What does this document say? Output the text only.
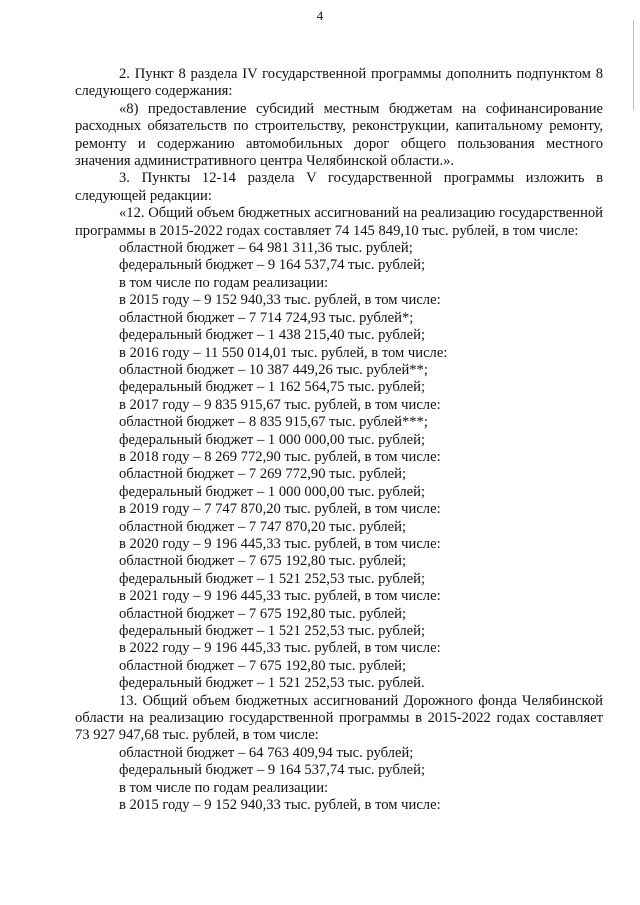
4

2. Пункт 8 раздела IV государственной программы дополнить подпунктом 8 следующего содержания:

«8) предоставление субсидий местным бюджетам на софинансирование расходных обязательств по строительству, реконструкции, капитальному ремонту, ремонту и содержанию автомобильных дорог общего пользования местного значения административного центра Челябинской области.».

3. Пункты 12-14 раздела V государственной программы изложить в следующей редакции:

«12. Общий объем бюджетных ассигнований на реализацию государственной программы в 2015-2022 годах составляет 74 145 849,10 тыс. рублей, в том числе:

областной бюджет – 64 981 311,36 тыс. рублей;

федеральный бюджет – 9 164 537,74 тыс. рублей;

в том числе по годам реализации:

в 2015 году – 9 152 940,33 тыс. рублей, в том числе:

областной бюджет – 7 714 724,93 тыс. рублей*;

федеральный бюджет – 1 438 215,40 тыс. рублей;

в 2016 году – 11 550 014,01 тыс. рублей, в том числе:

областной бюджет – 10 387 449,26 тыс. рублей**;

федеральный бюджет – 1 162 564,75 тыс. рублей;

в 2017 году – 9 835 915,67 тыс. рублей, в том числе:

областной бюджет – 8 835 915,67 тыс. рублей***;

федеральный бюджет – 1 000 000,00 тыс. рублей;

в 2018 году – 8 269 772,90 тыс. рублей, в том числе:

областной бюджет – 7 269 772,90 тыс. рублей;

федеральный бюджет – 1 000 000,00 тыс. рублей;

в 2019 году – 7 747 870,20 тыс. рублей, в том числе:

областной бюджет – 7 747 870,20 тыс. рублей;

в 2020 году – 9 196 445,33 тыс. рублей, в том числе:

областной бюджет – 7 675 192,80 тыс. рублей;

федеральный бюджет – 1 521 252,53 тыс. рублей;

в 2021 году – 9 196 445,33 тыс. рублей, в том числе:

областной бюджет – 7 675 192,80 тыс. рублей;

федеральный бюджет – 1 521 252,53 тыс. рублей;

в 2022 году – 9 196 445,33 тыс. рублей, в том числе:

областной бюджет – 7 675 192,80 тыс. рублей;

федеральный бюджет – 1 521 252,53 тыс. рублей.

13. Общий объем бюджетных ассигнований Дорожного фонда Челябинской области на реализацию государственной программы в 2015-2022 годах составляет 73 927 947,68 тыс. рублей, в том числе:

областной бюджет – 64 763 409,94 тыс. рублей;

федеральный бюджет – 9 164 537,74 тыс. рублей;

в том числе по годам реализации:

в 2015 году – 9 152 940,33 тыс. рублей, в том числе:
